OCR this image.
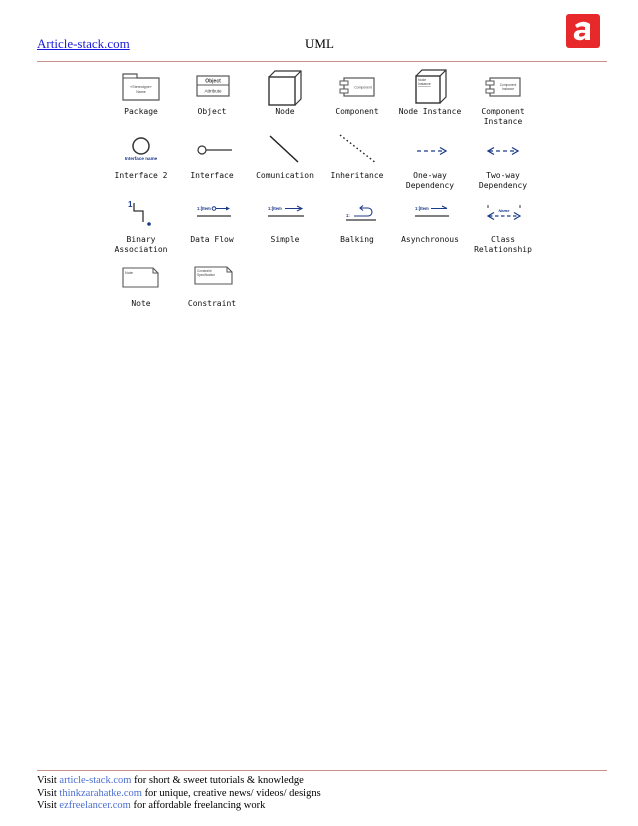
Article-stack.com	UML
«Stereotype»
Name
Package
Object
Attribute
Object	Node
Component
Component
Node
Instance
Node Instance
Component
Instance
Component
Instance
Interface name
Interface 2	Interface	Comunication	Inheritance	One-way
Dependency
Two-way
Dependency
1
Binary
Association
1:[Item
Data Flow
1:[Item
Simple
1:
Balking
1:[Item
Asynchronous
Name
Class
Relationship
Note
Note
Constraint
Specification
Constraint
Visit article-stack.com for short & sweet tutorials & knowledge
Visit thinkzarahatke.com for unique, creative news/ videos/ designs
Visit ezfreelancer.com for affordable freelancing work
